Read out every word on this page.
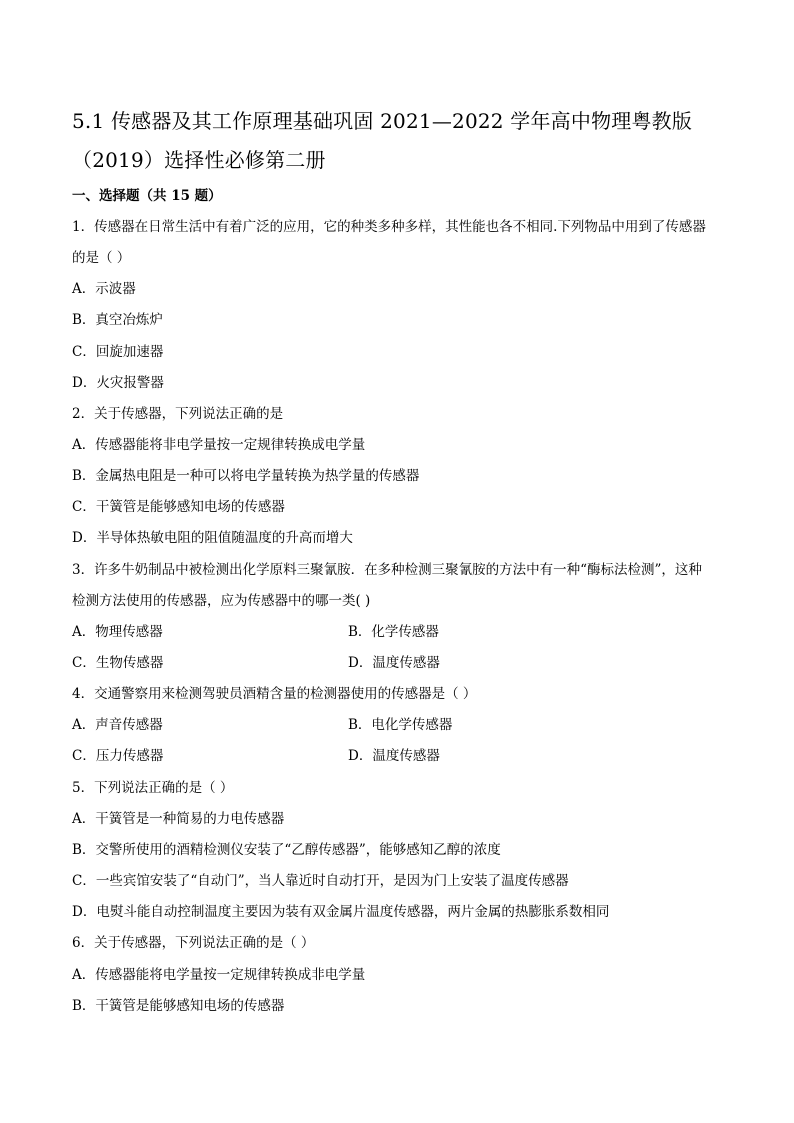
5.1 传感器及其工作原理基础巩固 2021—2022 学年高中物理粤教版
（2019）选择性必修第二册
一、选择题（共 15 题）
1．传感器在日常生活中有着广泛的应用，它的种类多种多样，其性能也各不相同.下列物品中用到了传感器
的是（ ）
A．示波器
B．真空冶炼炉
C．回旋加速器
D．火灾报警器
2．关于传感器，下列说法正确的是
A．传感器能将非电学量按一定规律转换成电学量
B．金属热电阻是一种可以将电学量转换为热学量的传感器
C．干簧管是能够感知电场的传感器
D．半导体热敏电阻的阻值随温度的升高而增大
3．许多牛奶制品中被检测出化学原料三聚氰胺．在多种检测三聚氰胺的方法中有一种“酶标法检测”，这种
检测方法使用的传感器，应为传感器中的哪一类( )
A．物理传感器	B．化学传感器
C．生物传感器	D．温度传感器
4．交通警察用来检测驾驶员酒精含量的检测器使用的传感器是（ ）
A．声音传感器	B．电化学传感器
C．压力传感器	D．温度传感器
5．下列说法正确的是（ ）
A．干簧管是一种简易的力电传感器
B．交警所使用的酒精检测仪安装了“乙醇传感器”，能够感知乙醇的浓度
C．一些宾馆安装了“自动门”，当人靠近时自动打开，是因为门上安装了温度传感器
D．电熨斗能自动控制温度主要因为装有双金属片温度传感器，两片金属的热膨胀系数相同
6．关于传感器，下列说法正确的是（ ）
A．传感器能将电学量按一定规律转换成非电学量
B．干簧管是能够感知电场的传感器
